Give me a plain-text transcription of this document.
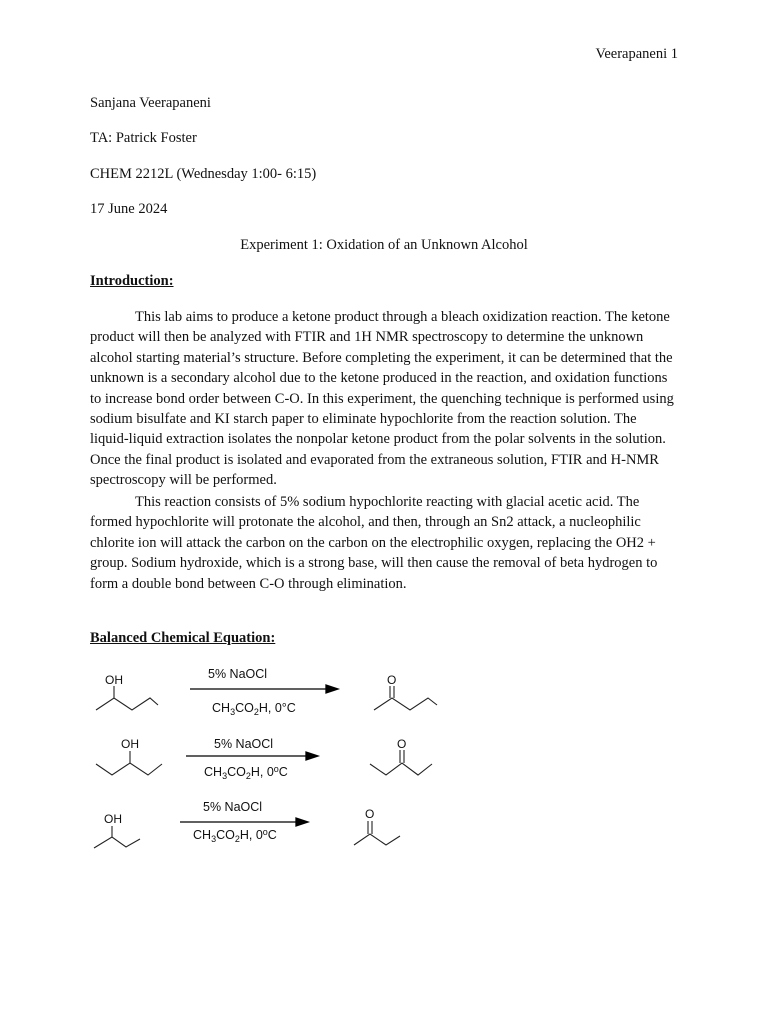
Veerapaneni 1
Sanjana Veerapaneni
TA: Patrick Foster
CHEM 2212L (Wednesday 1:00- 6:15)
17 June 2024
Experiment 1: Oxidation of an Unknown Alcohol
Introduction:

This lab aims to produce a ketone product through a bleach oxidization reaction. The ketone product will then be analyzed with FTIR and 1H NMR spectroscopy to determine the unknown alcohol starting material’s structure. Before completing the experiment, it can be determined that the unknown is a secondary alcohol due to the ketone produced in the reaction, and oxidation functions to increase bond order between C-O. In this experiment, the quenching technique is performed using sodium bisulfate and KI starch paper to eliminate hypochlorite from the reaction solution. The liquid-liquid extraction isolates the nonpolar ketone product from the polar solvents in the solution. Once the final product is isolated and evaporated from the extraneous solution, FTIR and H-NMR spectroscopy will be performed.

This reaction consists of 5% sodium hypochlorite reacting with glacial acetic acid. The formed hypochlorite will protonate the alcohol, and then, through an Sn2 attack, a nucleophilic chlorite ion will attack the carbon on the carbon on the electrophilic oxygen, replacing the OH2 + group. Sodium hydroxide, which is a strong base, will then cause the removal of beta hydrogen to form a double bond between C-O through elimination.

Balanced Chemical Equation:
OH	O
OH	O
OH	O
5% NaOCl
5% NaOCl
5% NaOCl
$CH_3CO_2H$, 0°C
$CH_3CO_2H$, 0$^o$C
$CH_3CO_2H$, 0$^o$C
